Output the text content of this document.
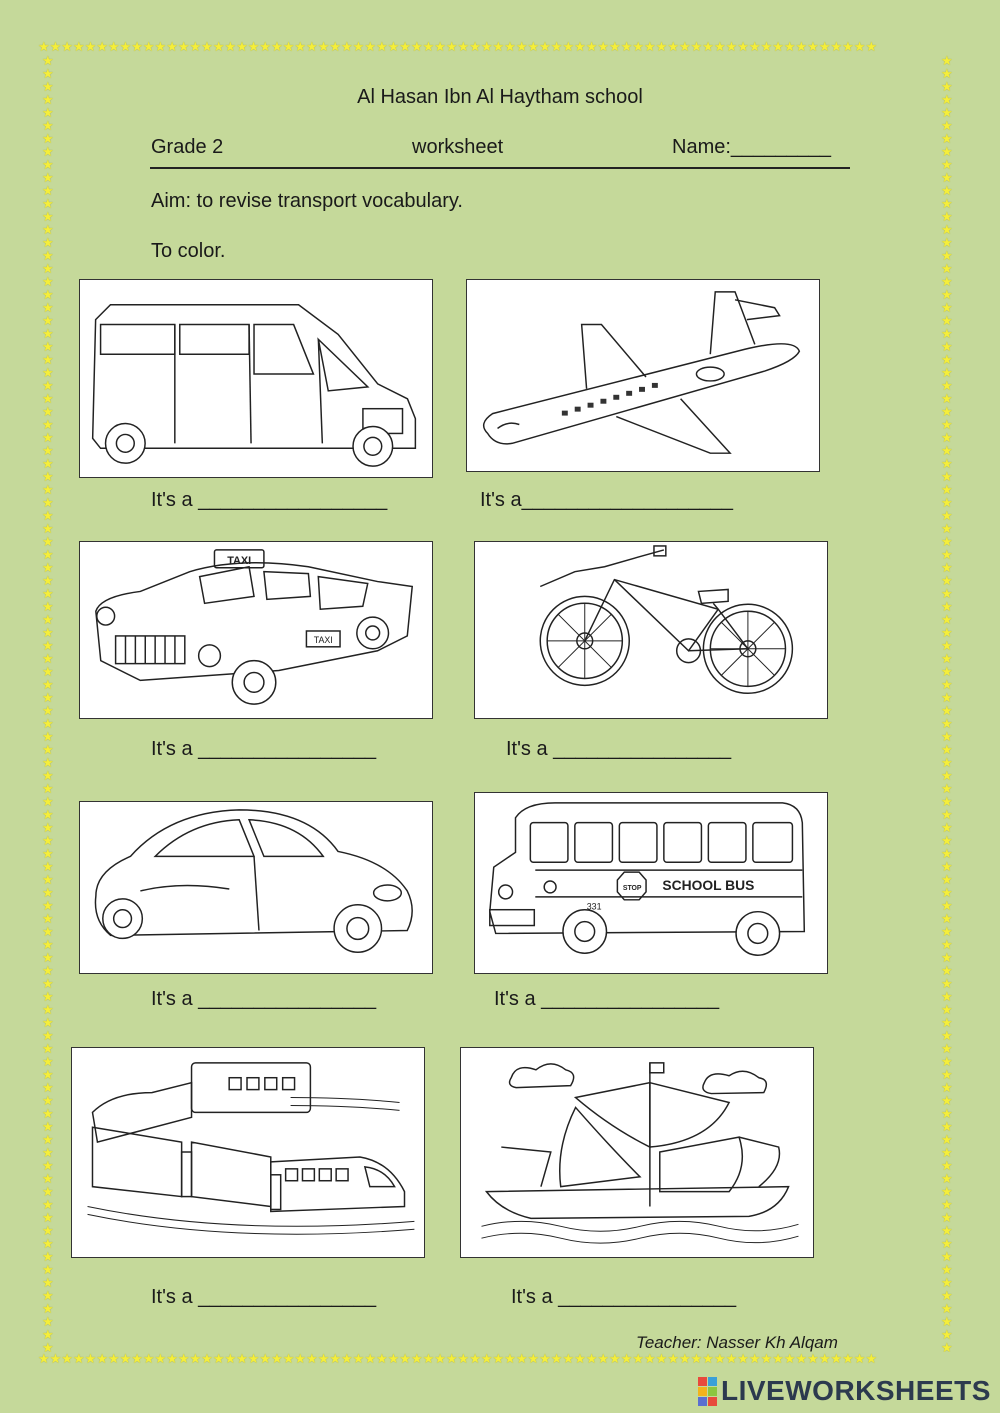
★★★★★★★★★★★★★★★★★★★★★★★★★★★★★★★★★★★★★★★★★★★★★★★★★★★★★★★★★★★★★★★★★★★★★★★★
★★★★★★★★★★★★★★★★★★★★★★★★★★★★★★★★★★★★★★★★★★★★★★★★★★★★★★★★★★★★★★★★★★★★★★★★
★★★★★★★★★★★★★★★★★★★★★★★★★★★★★★★★★★★★★★★★★★★★★★★★★★★★★★★★★★★★★★★★★★★★★★★★★★★★★★★★★★★★★★★★★★★★★★★★★★★★
★★★★★★★★★★★★★★★★★★★★★★★★★★★★★★★★★★★★★★★★★★★★★★★★★★★★★★★★★★★★★★★★★★★★★★★★★★★★★★★★★★★★★★★★★★★★★★★★★★★★
Al Hasan Ibn Al Haytham school
Grade 2	worksheet	Name:_________
Aim: to revise transport vocabulary.
To color.
It's a _________________	It's a___________________
TAXI
TAXI
It's a ________________	It's a ________________
It's a ________________
SCHOOL BUS
STOP
331
It's a ________________
It's a ________________	It's a ________________
Teacher: Nasser Kh Alqam
LIVEWORKSHEETS
